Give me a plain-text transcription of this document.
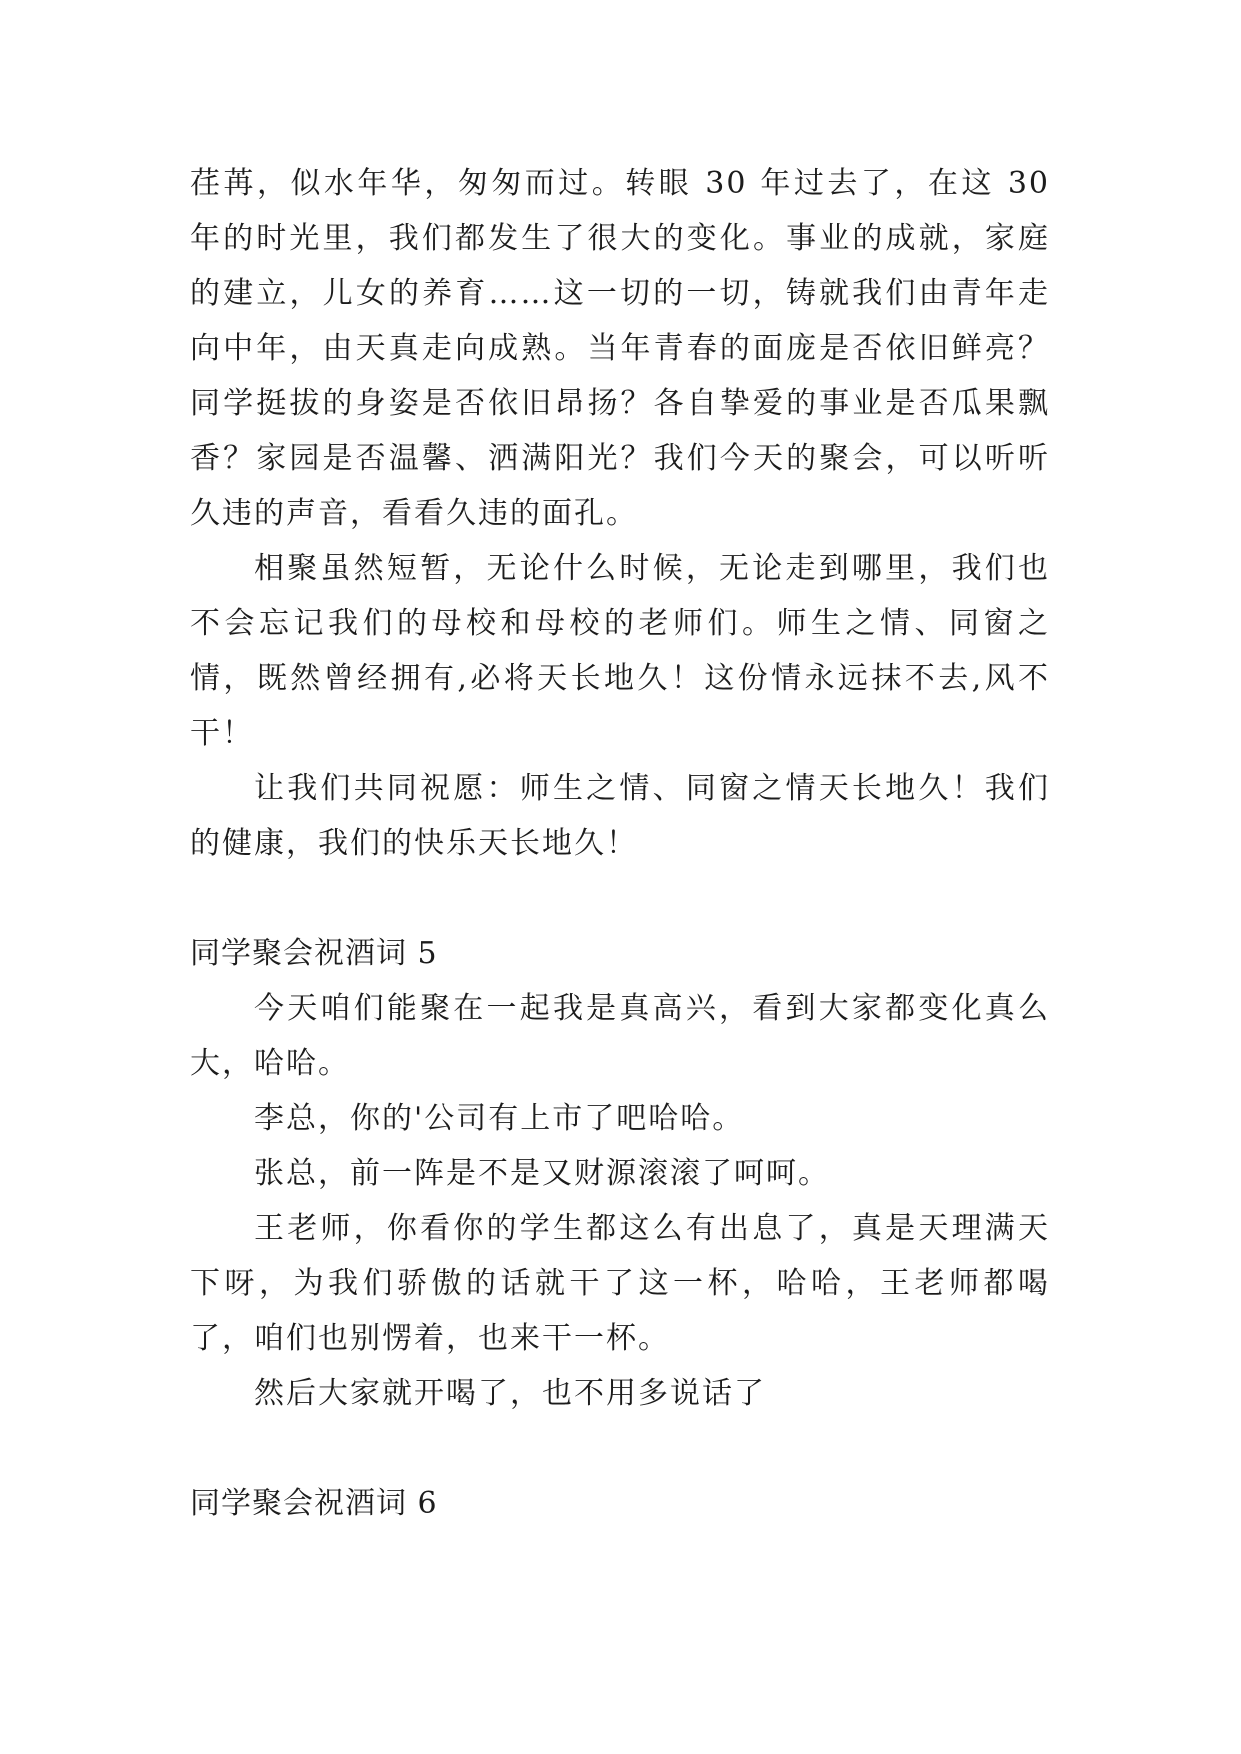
荏苒，似水年华，匆匆而过。转眼 30 年过去了，在这 30 年的时光里，我们都发生了很大的变化。事业的成就，家庭的建立，儿女的养育……这一切的一切，铸就我们由青年走向中年，由天真走向成熟。当年青春的面庞是否依旧鲜亮？同学挺拔的身姿是否依旧昂扬？各自挚爱的事业是否瓜果飘香？家园是否温馨、洒满阳光？我们今天的聚会，可以听听久违的声音，看看久违的面孔。

相聚虽然短暂，无论什么时候，无论走到哪里，我们也不会忘记我们的母校和母校的老师们。师生之情、同窗之情，既然曾经拥有,必将天长地久！这份情永远抹不去,风不干！

让我们共同祝愿：师生之情、同窗之情天长地久！我们的健康，我们的快乐天长地久！

同学聚会祝酒词 5

今天咱们能聚在一起我是真高兴，看到大家都变化真么大，哈哈。

李总，你的'公司有上市了吧哈哈。

张总，前一阵是不是又财源滚滚了呵呵。

王老师，你看你的学生都这么有出息了，真是天理满天下呀，为我们骄傲的话就干了这一杯，哈哈，王老师都喝了，咱们也别愣着，也来干一杯。

然后大家就开喝了，也不用多说话了

同学聚会祝酒词 6
